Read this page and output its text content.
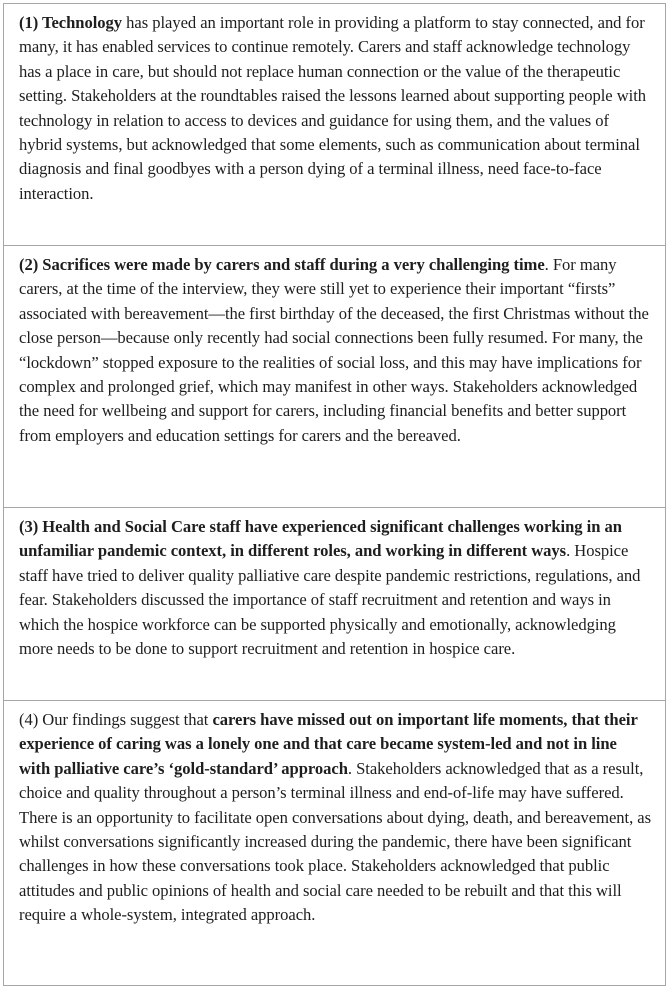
(1) Technology has played an important role in providing a platform to stay connected, and for many, it has enabled services to continue remotely. Carers and staff acknowledge technology has a place in care, but should not replace human connection or the value of the therapeutic setting. Stakeholders at the roundtables raised the lessons learned about supporting people with technology in relation to access to devices and guidance for using them, and the values of hybrid systems, but acknowledged that some elements, such as communication about terminal diagnosis and final goodbyes with a person dying of a terminal illness, need face-to-face interaction.
(2) Sacrifices were made by carers and staff during a very challenging time. For many carers, at the time of the interview, they were still yet to experience their important “firsts” associated with bereavement—the first birthday of the deceased, the first Christmas without the close person—because only recently had social connections been fully resumed. For many, the “lockdown” stopped exposure to the realities of social loss, and this may have implications for complex and prolonged grief, which may manifest in other ways. Stakeholders acknowledged the need for wellbeing and support for carers, including financial benefits and better support from employers and education settings for carers and the bereaved.
(3) Health and Social Care staff have experienced significant challenges working in an unfamiliar pandemic context, in different roles, and working in different ways. Hospice staff have tried to deliver quality palliative care despite pandemic restrictions, regulations, and fear. Stakeholders discussed the importance of staff recruitment and retention and ways in which the hospice workforce can be supported physically and emotionally, acknowledging more needs to be done to support recruitment and retention in hospice care.
(4) Our findings suggest that carers have missed out on important life moments, that their experience of caring was a lonely one and that care became system-led and not in line with palliative care’s ‘gold-standard’ approach. Stakeholders acknowledged that as a result, choice and quality throughout a person’s terminal illness and end-of-life may have suffered. There is an opportunity to facilitate open conversations about dying, death, and bereavement, as whilst conversations significantly increased during the pandemic, there have been significant challenges in how these conversations took place. Stakeholders acknowledged that public attitudes and public opinions of health and social care needed to be rebuilt and that this will require a whole-system, integrated approach.
